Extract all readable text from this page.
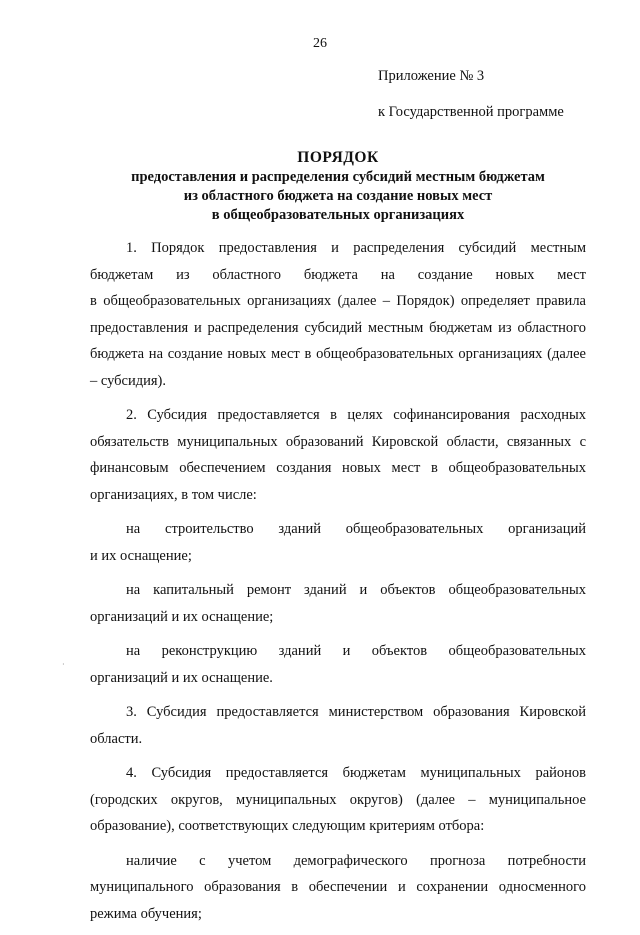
26
Приложение № 3
к Государственной программе
ПОРЯДОК
предоставления и распределения субсидий местным бюджетам
из областного бюджета на создание новых мест
в общеобразовательных организациях

1. Порядок предоставления и распределения субсидий местным бюджетам из областного бюджета на создание новых мест

в общеобразовательных организациях (далее – Порядок) определяет правила предоставления и распределения субсидий местным бюджетам из областного бюджета на создание новых мест в общеобразовательных организациях (далее – субсидия).

2. Субсидия предоставляется в целях софинансирования расходных обязательств муниципальных образований Кировской области, связанных с финансовым обеспечением создания новых мест в общеобразовательных организациях, в том числе:

на строительство зданий общеобразовательных организаций

и их оснащение;

на капитальный ремонт зданий и объектов общеобразовательных организаций и их оснащение;

на реконструкцию зданий и объектов общеобразовательных

организаций и их оснащение.

3. Субсидия предоставляется министерством образования Кировской области.

4. Субсидия предоставляется бюджетам муниципальных районов (городских округов, муниципальных округов) (далее – муниципальное образование), соответствующих следующим критериям отбора:

наличие с учетом демографического прогноза потребности муниципального образования в обеспечении и сохранении односменного режима обучения;

·
